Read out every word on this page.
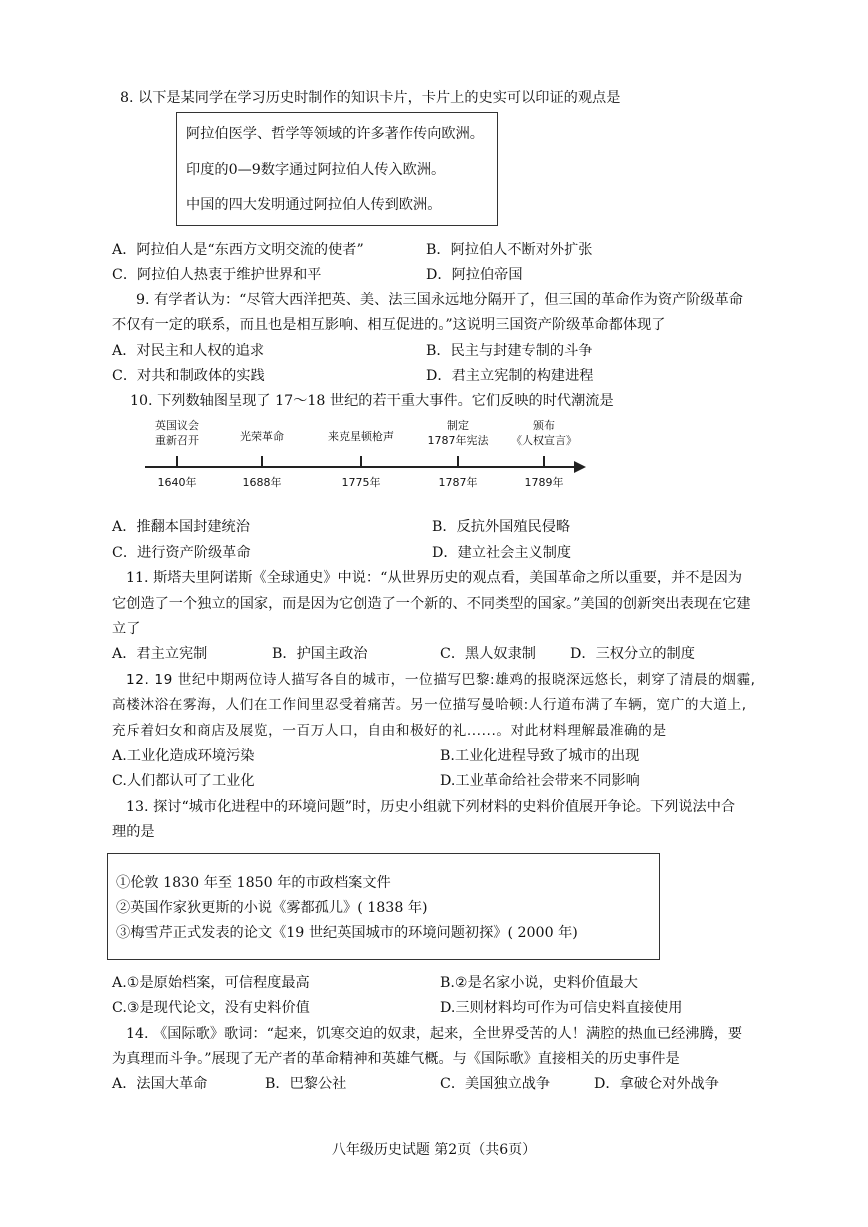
8. 以下是某同学在学习历史时制作的知识卡片，卡片上的史实可以印证的观点是
阿拉伯医学、哲学等领域的许多著作传向欧洲。
印度的0—9数字通过阿拉伯人传入欧洲。
中国的四大发明通过阿拉伯人传到欧洲。
A．阿拉伯人是“东西方文明交流的使者”	B．阿拉伯人不断对外扩张
C．阿拉伯人热衷于维护世界和平	D．阿拉伯帝国
9. 有学者认为：“尽管大西洋把英、美、法三国永远地分隔开了，但三国的革命作为资产阶级革命
不仅有一定的联系，而且也是相互影响、相互促进的。”这说明三国资产阶级革命都体现了
A．对民主和人权的追求	B．民主与封建专制的斗争
C．对共和制政体的实践	D．君主立宪制的构建进程
10. 下列数轴图呈现了 17～18 世纪的若干重大事件。它们反映的时代潮流是
英国议会
重新召开
1640年
光荣革命
1688年
来克星顿枪声
1775年
制定
1787年宪法
1787年
颁布
《人权宣言》
1789年
A．推翻本国封建统治	B．反抗外国殖民侵略
C．进行资产阶级革命	D．建立社会主义制度
11. 斯塔夫里阿诺斯《全球通史》中说：“从世界历史的观点看，美国革命之所以重要，并不是因为
它创造了一个独立的国家，而是因为它创造了一个新的、不同类型的国家。”美国的创新突出表现在它建
立了
A．君主立宪制	B．护国主政治	C．黑人奴隶制 D．三权分立的制度
12. 19 世纪中期两位诗人描写各自的城市，一位描写巴黎:雄鸡的报晓深远悠长，刺穿了清晨的烟霾,
高楼沐浴在雾海，人们在工作间里忍受着痛苦。另一位描写曼哈顿:人行道布满了车辆，宽广的大道上,
充斥着妇女和商店及展览，一百万人口，自由和极好的礼......。对此材料理解最准确的是
A.工业化造成环境污染	B.工业化进程导致了城市的出现
C.人们都认可了工业化	D.工业革命给社会带来不同影响
13. 探讨“城市化进程中的环境问题”时，历史小组就下列材料的史料价值展开争论。下列说法中合
理的是
①伦敦 1830 年至 1850 年的市政档案文件
②英国作家狄更斯的小说《雾都孤儿》( 1838 年)
③梅雪芹正式发表的论文《19 世纪英国城市的环境问题初探》( 2000 年)
A.①是原始档案，可信程度最高	B.②是名家小说，史料价值最大
C.③是现代论文，没有史料价值	D.三则材料均可作为可信史料直接使用
14. 《国际歌》歌词：“起来，饥寒交迫的奴隶，起来，全世界受苦的人！满腔的热血已经沸腾，要
为真理而斗争。”展现了无产者的革命精神和英雄气概。与《国际歌》直接相关的历史事件是
A．法国大革命	B．巴黎公社	C．美国独立战争	D．拿破仑对外战争
八年级历史试题 第2页（共6页）
